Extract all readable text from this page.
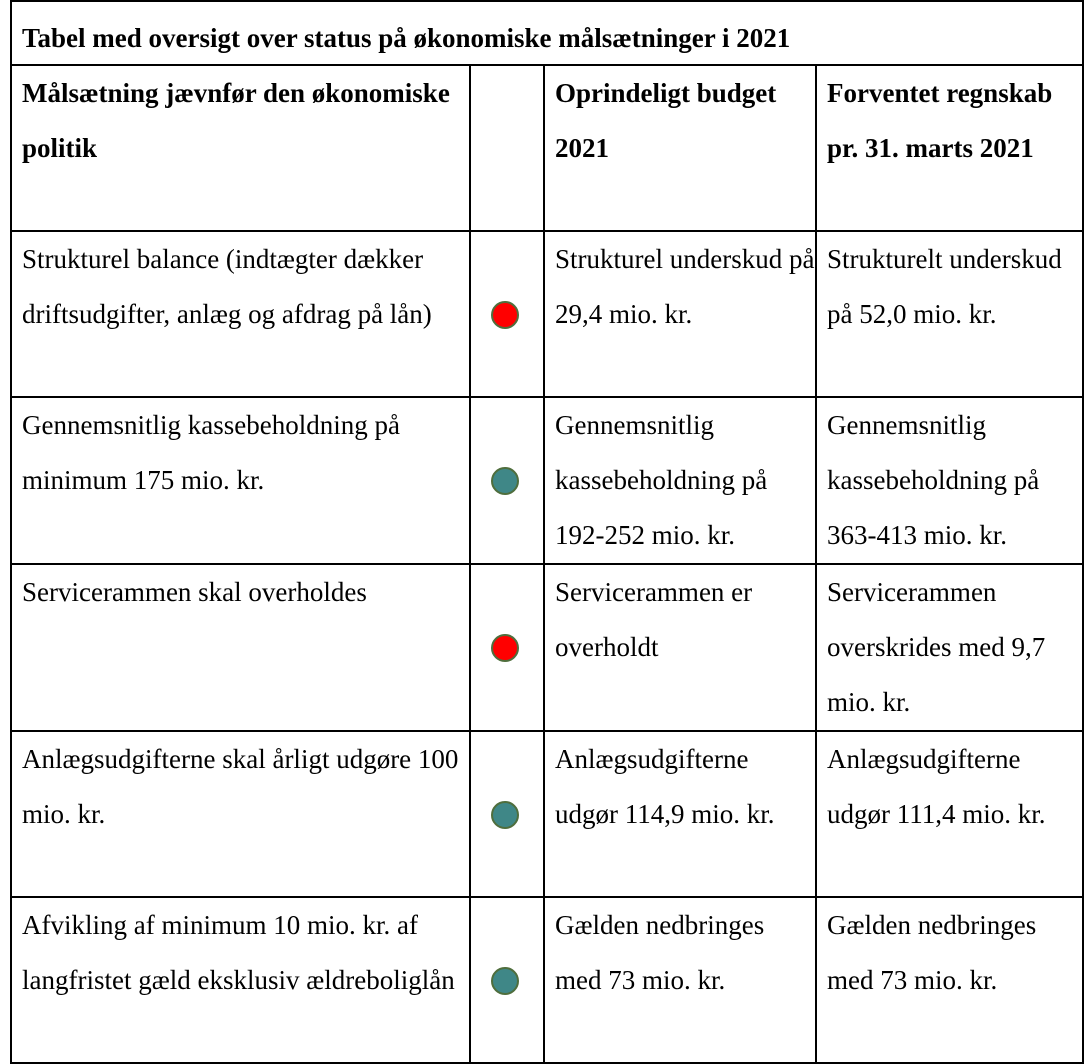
Tabel med oversigt over status på økonomiske målsætninger i 2021			
Målsætning jævnfør den økonomiske politik		Oprindeligt budget 2021	Forventet regnskab pr. 31. marts 2021
Strukturel balance (indtægter dækker driftsudgifter, anlæg og afdrag på lån)		Strukturel underskud på 29,4 mio. kr.	Strukturelt underskud på 52,0 mio. kr.
Gennemsnitlig kassebeholdning på minimum 175 mio. kr.		Gennemsnitlig kassebeholdning på 192-252 mio. kr.	Gennemsnitlig kassebeholdning på 363-413 mio. kr.
Servicerammen skal overholdes		Servicerammen er overholdt	Servicerammen overskrides med 9,7 mio. kr.
Anlægsudgifterne skal årligt udgøre 100 mio. kr.		Anlægsudgifterne udgør 114,9 mio. kr.	Anlægsudgifterne udgør 111,4 mio. kr.
Afvikling af minimum 10 mio. kr. af langfristet gæld eksklusiv ældreboliglån		Gælden nedbringes med 73 mio. kr.	Gælden nedbringes med 73 mio. kr.
